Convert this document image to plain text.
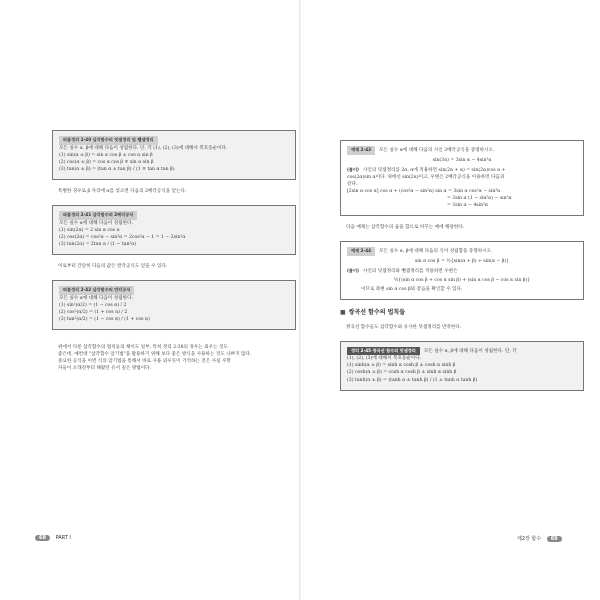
따름정리 2-40 삼각함수의 덧셈정리 및 뺄셈정리
모든 실수 α, β에 대해 다음이 성립한다. 단, 각 (1), (2), (3)에 대해서 복호동순이다.
(1) sin(α ± β) = sin α cos β ± cos α sin β
(2) cos(α ± β) = cos α cos β ∓ sin α sin β
(3) tan(α ± β) = (tan α ± tan β) / (1 ∓ tan α tan β)
특별한 경우로 β 자리에 α를 넣으면 다음의 2배각공식을 얻는다.
따름정리 2-41 삼각함수의 2배각공식
모든 실수 α에 대해 다음이 성립한다.
(1) sin(2α) = 2 sin α cos α
(2) cos(2α) = cos²α − sin²α = 2cos²α − 1 = 1 − 2sin²α
(3) tan(2α) = 2tan α / (1 − tan²α)
이로부터 간단히 다음의 값은 반각공식도 얻을 수 있다.
따름정리 2-42 삼각함수의 반각공식
모든 실수 α에 대해 다음이 성립한다.
(1) sin²(α/2) = (1 − cos α) / 2
(2) cos²(α/2) = (1 + cos α) / 2
(3) tan²(α/2) = (1 − cos α) / (1 + cos α)
위에서 다룬 삼각함수의 법칙들의 체이도 일부, 특히 정리 2-38의 경우는 외우는 것도
좋은데, 예컨대 "삼각함수 암기법"을 활용하기 위해 보다 좋은 방식을 사용하는 것도 나쁘지 않다.
중요한 공식을 이번 식의 암기법을 통해서 바로 사용 외우듯이 기억하는 것은 사실 수학
자들이 오래전부터 해왔던 유서 깊은 방법이다.
68 PART I
예제 2-43 모든 실수 α에 대해 다음의 사인 3배각공식을 증명하시오.
sin(3α) = 3sin α − 4sin³α
(풀이) 사인의 덧셈정리를 2α, α에 적용하면 sin(2α + α) = sin(2α)cos α +
cos(2α)sin α이다. 위에선 sin(2α)이고, 우변은 2배각공식을 이용하면 다음과
같다.
[2sin α cos α] cos α + (cos²α − sin²α) sin α = 3sin α cos²α − sin³α
= 3sin α (1 − sin²α) − sin³α
= 3sin α − 4sin³α
다음 예제는 삼각함수의 곱을 합으로 바꾸는 예에 해당한다.
예제 2-44 모든 실수 α, β에 대해 다음의 식이 성립함을 증명하시오.
sin α cos β = ½{sin(α + β) + sin(α − β)}
(풀이) 사인의 덧셈정리와 뺄셈정리를 적용하면 우변은
½{(sin α cos β + cos α sin β) + (sin α cos β − cos α sin β)}
이므로 좌변 sin α cos β와 같음을 확인할 수 있다.
■ 쌍곡선 함수의 법칙들
쌍곡선 함수들도 삼각함수와 유사한 덧셈정리를 만족한다.
정리 2-45 쌍곡선 함수의 덧셈정리 모든 실수 α, β에 대해 다음이 성립한다. 단, 각
(1), (2), (3)에 대해서 복호동순이다.
(1) sinh(α ± β) = sinh α cosh β ± cosh α sinh β
(2) cosh(α ± β) = cosh α cosh β ± sinh α sinh β
(3) tanh(α ± β) = (tanh α ± tanh β) / (1 ± tanh α tanh β)
제2장 함수 69
